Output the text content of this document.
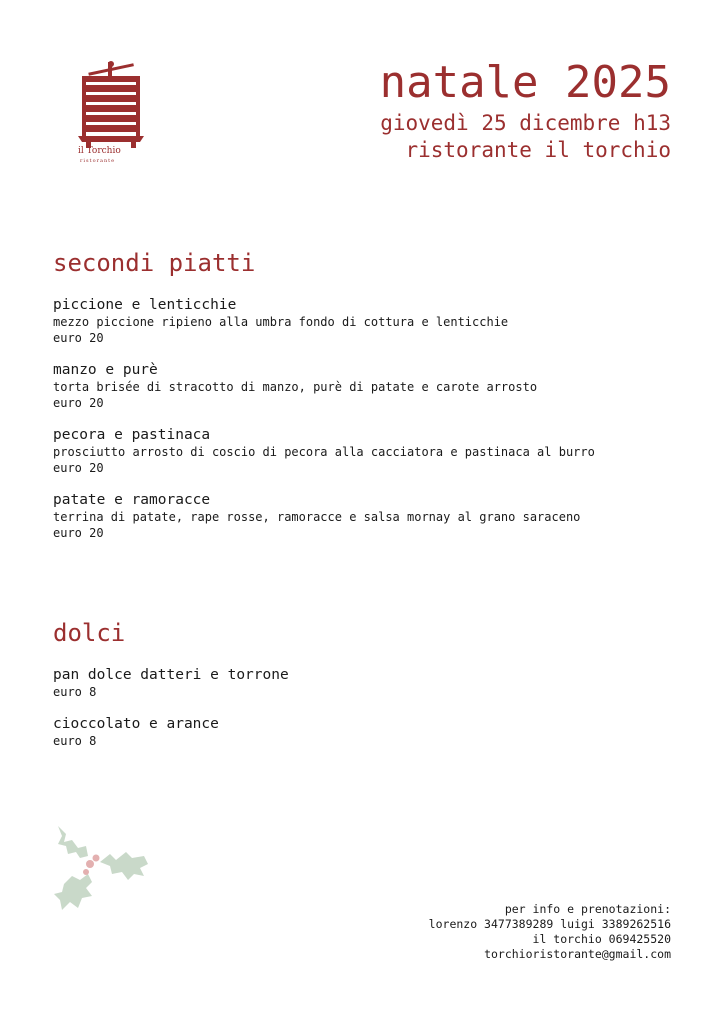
il Torchio
ristorante
natale 2025
giovedì 25 dicembre h13
ristorante il torchio
secondi piatti
piccione e lenticchie
mezzo piccione ripieno alla umbra fondo di cottura e lenticchie
euro 20
manzo e purè
torta brisée di stracotto di manzo, purè di patate e carote arrosto
euro 20
pecora e pastinaca
prosciutto arrosto di coscio di pecora alla cacciatora e pastinaca al burro
euro 20
patate e ramoracce
terrina di patate, rape rosse, ramoracce e salsa mornay al grano saraceno
euro 20
dolci
pan dolce datteri e torrone
euro 8
cioccolato e arance
euro 8
per info e prenotazioni:
lorenzo 3477389289 luigi 3389262516
il torchio 069425520
torchioristorante@gmail.com
